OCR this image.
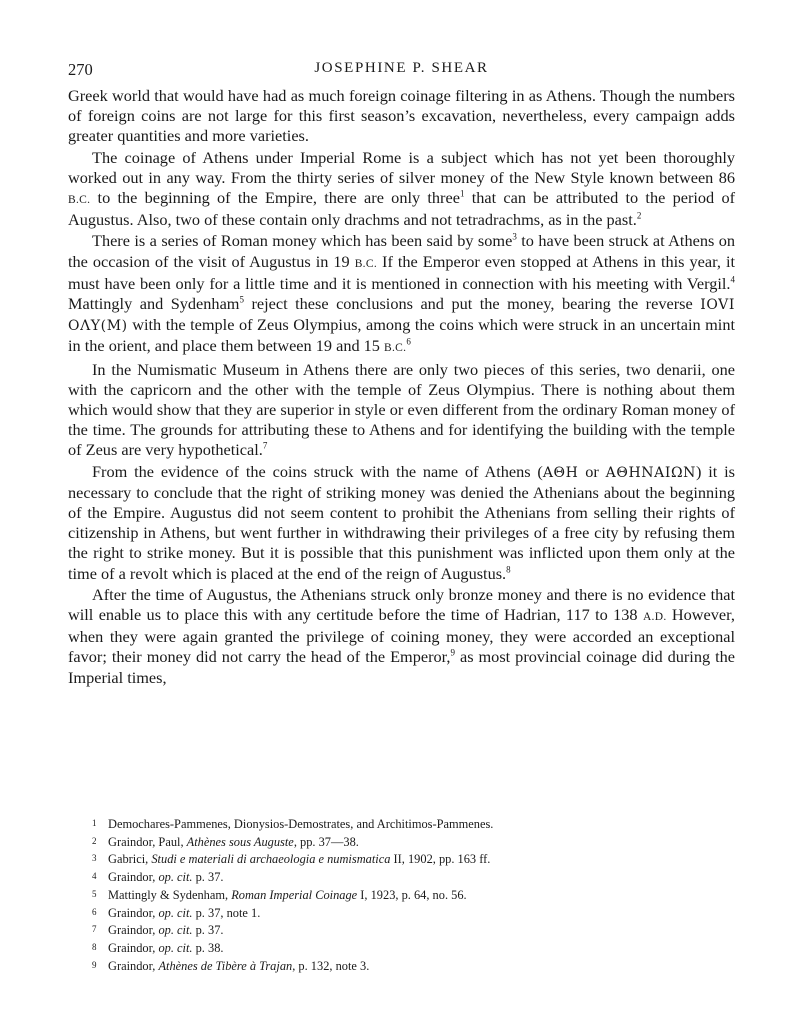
270	JOSEPHINE P. SHEAR

Greek world that would have had as much foreign coinage filtering in as Athens. Though the numbers of foreign coins are not large for this first season’s excavation, nevertheless, every campaign adds greater quantities and more varieties.

The coinage of Athens under Imperial Rome is a subject which has not yet been thoroughly worked out in any way. From the thirty series of silver money of the New Style known between 86 B.C. to the beginning of the Empire, there are only three$^1$ that can be attributed to the period of Augustus. Also, two of these contain only drachms and not tetradrachms, as in the past.$^2$

There is a series of Roman money which has been said by some$^3$ to have been struck at Athens on the occasion of the visit of Augustus in 19 B.C. If the Emperor even stopped at Athens in this year, it must have been only for a little time and it is mentioned in connection with his meeting with Vergil.$^4$ Mattingly and Sydenham$^5$ reject these conclusions and put the money, bearing the reverse IOVI OΛΥ(M) with the temple of Zeus Olympius, among the coins which were struck in an uncertain mint in the orient, and place them between 19 and 15 B.C.$^6$

In the Numismatic Museum in Athens there are only two pieces of this series, two denarii, one with the capricorn and the other with the temple of Zeus Olympius. There is nothing about them which would show that they are superior in style or even different from the ordinary Roman money of the time. The grounds for attributing these to Athens and for identifying the building with the temple of Zeus are very hypothetical.$^7$

From the evidence of the coins struck with the name of Athens (ΑΘΗ or ΑΘΗΝΑΙΩΝ) it is necessary to conclude that the right of striking money was denied the Athenians about the beginning of the Empire. Augustus did not seem content to prohibit the Athenians from selling their rights of citizenship in Athens, but went further in withdrawing their privileges of a free city by refusing them the right to strike money. But it is possible that this punishment was inflicted upon them only at the time of a revolt which is placed at the end of the reign of Augustus.$^8$

After the time of Augustus, the Athenians struck only bronze money and there is no evidence that will enable us to place this with any certitude before the time of Hadrian, 117 to 138 A.D. However, when they were again granted the privilege of coining money, they were accorded an exceptional favor; their money did not carry the head of the Emperor,$^9$ as most provincial coinage did during the Imperial times,

1 Demochares-Pammenes, Dionysios-Demostrates, and Architimos-Pammenes.
2 Graindor, Paul, Athènes sous Auguste, pp. 37—38.
3 Gabrici, Studi e materiali di archaeologia e numismatica II, 1902, pp. 163 ff.
4 Graindor, op. cit. p. 37.
5 Mattingly & Sydenham, Roman Imperial Coinage I, 1923, p. 64, no. 56.
6 Graindor, op. cit. p. 37, note 1.
7 Graindor, op. cit. p. 37.
8 Graindor, op. cit. p. 38.
9 Graindor, Athènes de Tibère à Trajan, p. 132, note 3.
